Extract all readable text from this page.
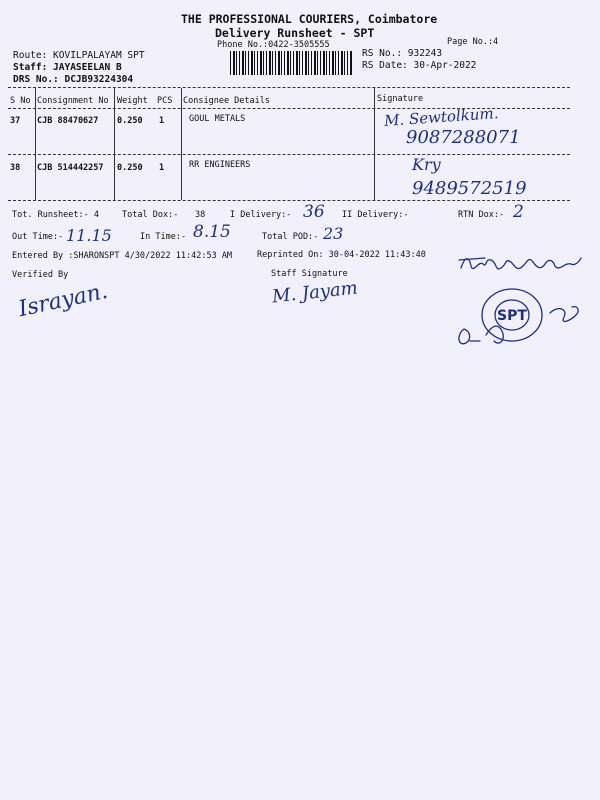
THE PROFESSIONAL COURIERS, Coimbatore
Delivery Runsheet - SPT
Phone No.:0422-3505555	Page No.:4
Route: KOVILPALAYAM SPT
Staff: JAYASEELAN B
DRS No.: DCJB93224304
RS No.: 932243
RS Date: 30-Apr-2022
S No Consignment No Weight PCS Consignee Details	Signature
37 CJB 88470627 0.250 1	GOUL METALS	M. Sewtolkum.
9087288071
38 CJB 514442257 0.250 1	RR ENGINEERS	Kry
9489572519
Tot. Runsheet:- 4	Total Dox:- 38	I Delivery:- 36 II Delivery:-	RTN Dox:- 2
Out Time:- 11.15	In Time:- 8.15	Total POD:- 23
Entered By :SHARONSPT 4/30/2022 11:42:53 AM	Reprinted On: 30-04-2022 11:43:40
Verified By	Staff Signature
Israyan.	M. Jayam
SPT
